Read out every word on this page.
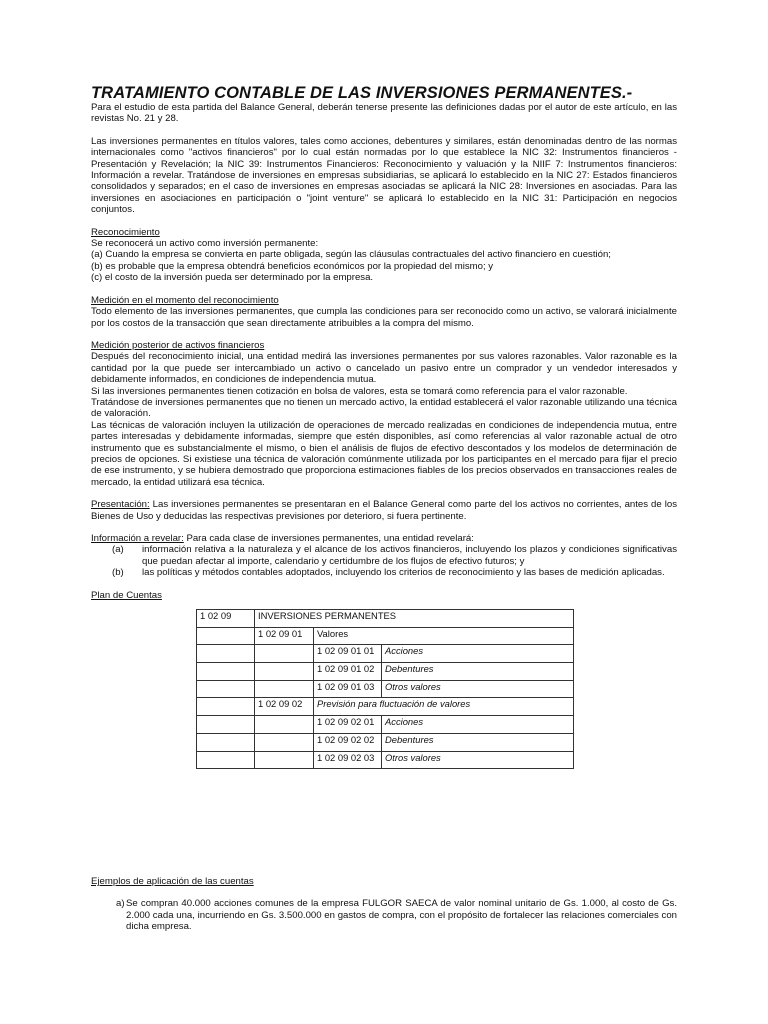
TRATAMIENTO CONTABLE DE LAS INVERSIONES PERMANENTES.-

Para el estudio de esta partida del Balance General, deberán tenerse presente las definiciones dadas por el autor de este artículo, en las revistas No. 21 y 28.

Las inversiones permanentes en títulos valores, tales como acciones, debentures y similares, están denominadas dentro de las normas internacionales como "activos financieros" por lo cual están normadas por lo que establece la NIC 32: Instrumentos financieros - Presentación y Revelación; la NIC 39: Instrumentos Financieros: Reconocimiento y valuación y la NIIF 7: Instrumentos financieros: Información a revelar. Tratándose de inversiones en empresas subsidiarias, se aplicará lo establecido en la NIC 27: Estados financieros consolidados y separados; en el caso de inversiones en empresas asociadas se aplicará la NIC 28: Inversiones en asociadas. Para las inversiones en asociaciones en participación o "joint venture" se aplicará lo establecido en la NIC 31: Participación en negocios conjuntos.

Reconocimiento

Se reconocerá un activo como inversión permanente:

(a) Cuando la empresa se convierta en parte obligada, según las cláusulas contractuales del activo financiero en cuestión;

(b) es probable que la empresa obtendrá beneficios económicos por la propiedad del mismo; y

(c) el costo de la inversión pueda ser determinado por la empresa.

Medición en el momento del reconocimiento

Todo elemento de las inversiones permanentes, que cumpla las condiciones para ser reconocido como un activo, se valorará inicialmente por los costos de la transacción que sean directamente atribuibles a la compra del mismo.

Medición posterior de activos financieros

Después del reconocimiento inicial, una entidad medirá las inversiones permanentes por sus valores razonables. Valor razonable es la cantidad por la que puede ser intercambiado un activo o cancelado un pasivo entre un comprador y un vendedor interesados y debidamente informados, en condiciones de independencia mutua.

Si las inversiones permanentes tienen cotización en bolsa de valores, esta se tomará como referencia para el valor razonable.

Tratándose de inversiones permanentes que no tienen un mercado activo, la entidad establecerá el valor razonable utilizando una técnica de valoración.

Las técnicas de valoración incluyen la utilización de operaciones de mercado realizadas en condiciones de independencia mutua, entre partes interesadas y debidamente informadas, siempre que estén disponibles, así como referencias al valor razonable actual de otro instrumento que es substancialmente el mismo, o bien el análisis de flujos de efectivo descontados y los modelos de determinación de precios de opciones. Si existiese una técnica de valoración comúnmente utilizada por los participantes en el mercado para fijar el precio de ese instrumento, y se hubiera demostrado que proporciona estimaciones fiables de los precios observados en transacciones reales de mercado, la entidad utilizará esa técnica.

Presentación: Las inversiones permanentes se presentaran en el Balance General como parte del los activos no corrientes, antes de los Bienes de Uso y deducidas las respectivas previsiones por deterioro, si fuera pertinente.

Información a revelar: Para cada clase de inversiones permanentes, una entidad revelará:

(a)	información relativa a la naturaleza y el alcance de los activos financieros, incluyendo los plazos y condiciones significativas que puedan afectar al importe, calendario y certidumbre de los flujos de efectivo futuros; y
(b)	las políticas y métodos contables adoptados, incluyendo los criterios de reconocimiento y las bases de medición aplicadas.
Plan de Cuentas
1 02 09	INVERSIONES PERMANENTES		
	1 02 09 01	Valores	
		1 02 09 01 01	Acciones
		1 02 09 01 02	Debentures
		1 02 09 01 03	Otros valores
	1 02 09 02	Previsión para fluctuación de valores	
		1 02 09 02 01	Acciones
		1 02 09 02 02	Debentures
		1 02 09 02 03	Otros valores
Ejemplos de aplicación de las cuentas
a) Se compran 40.000 acciones comunes de la empresa FULGOR SAECA de valor nominal unitario de Gs. 1.000, al costo de Gs. 2.000 cada una, incurriendo en Gs. 3.500.000 en gastos de compra, con el propósito de fortalecer las relaciones comerciales con dicha empresa.
